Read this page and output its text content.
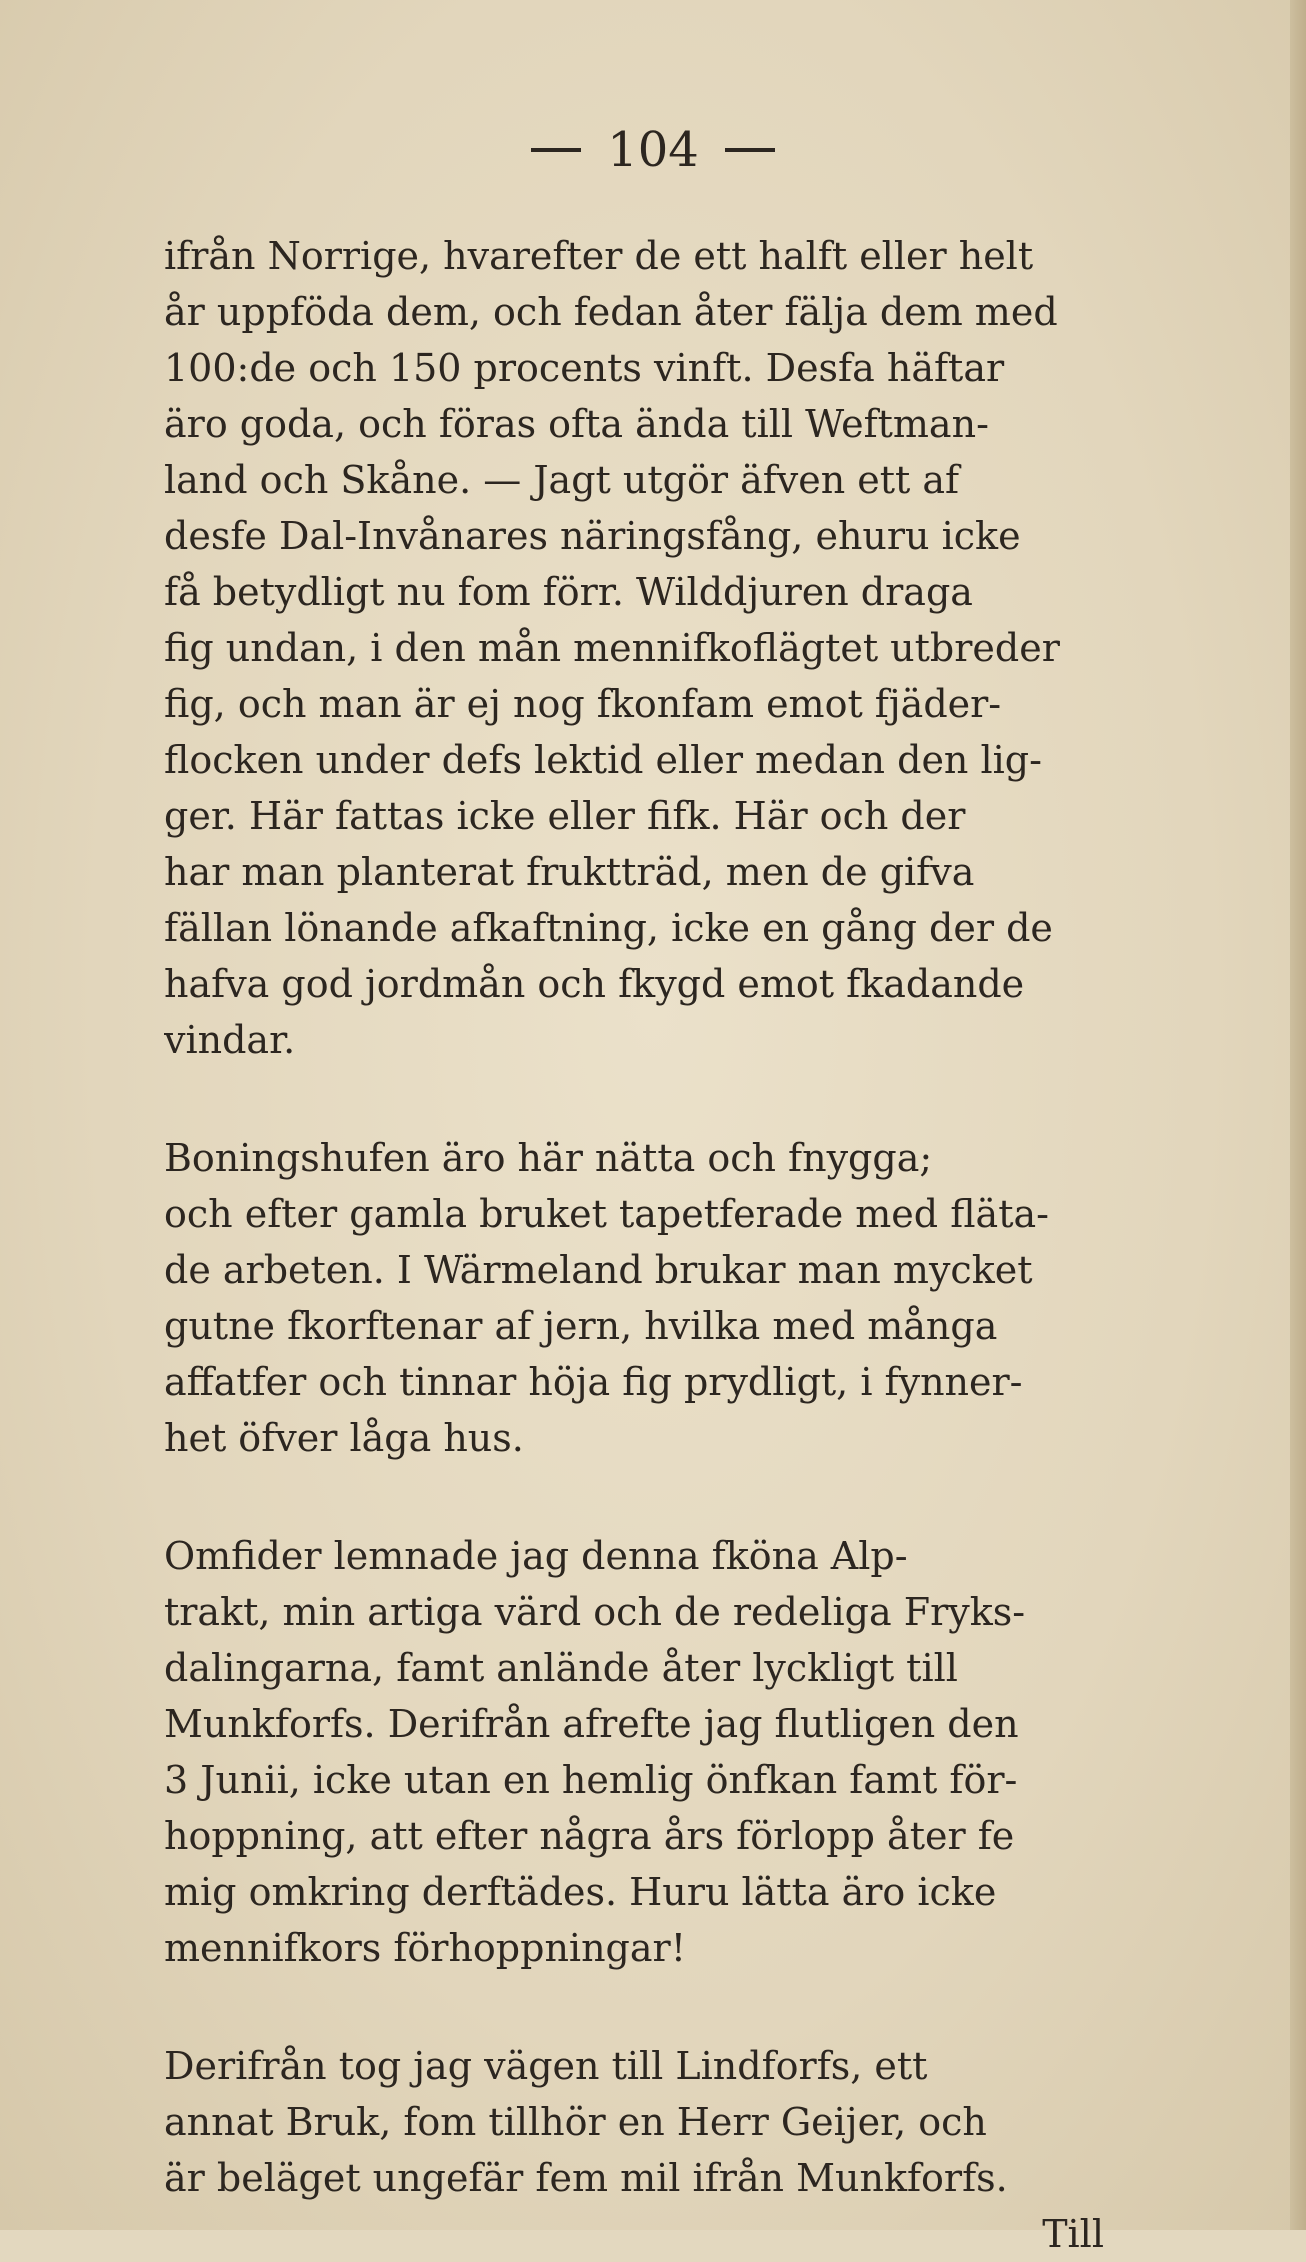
104
ifrån Norrige, hvarefter de ett halft eller helt
år uppföda dem, och fedan åter fälja dem med
100:de och 150 procents vinft. Desfa häftar
äro goda, och föras ofta ända till Weftman-
land och Skåne. — Jagt utgör äfven ett af
desfe Dal-Invånares näringsfång, ehuru icke
få betydligt nu fom förr. Wilddjuren draga
fig undan, i den mån mennifkoflägtet utbreder
fig, och man är ej nog fkonfam emot fjäder-
flocken under defs lektid eller medan den lig-
ger. Här fattas icke eller fifk. Här och der
har man planterat fruktträd, men de gifva
fällan lönande afkaftning, icke en gång der de
hafva god jordmån och fkygd emot fkadande
vindar.
Boningshufen äro här nätta och fnygga;
och efter gamla bruket tapetferade med fläta-
de arbeten. I Wärmeland brukar man mycket
gutne fkorftenar af jern, hvilka med många
affatfer och tinnar höja fig prydligt, i fynner-
het öfver låga hus.
Omfider lemnade jag denna fköna Alp-
trakt, min artiga värd och de redeliga Fryks-
dalingarna, famt anlände åter lyckligt till
Munkforfs. Derifrån afrefte jag flutligen den
3 Junii, icke utan en hemlig önfkan famt för-
hoppning, att efter några års förlopp åter fe
mig omkring derftädes. Huru lätta äro icke
mennifkors förhoppningar!
Derifrån tog jag vägen till Lindforfs, ett
annat Bruk, fom tillhör en Herr Geijer, och
är beläget ungefär fem mil ifrån Munkforfs.
Till
